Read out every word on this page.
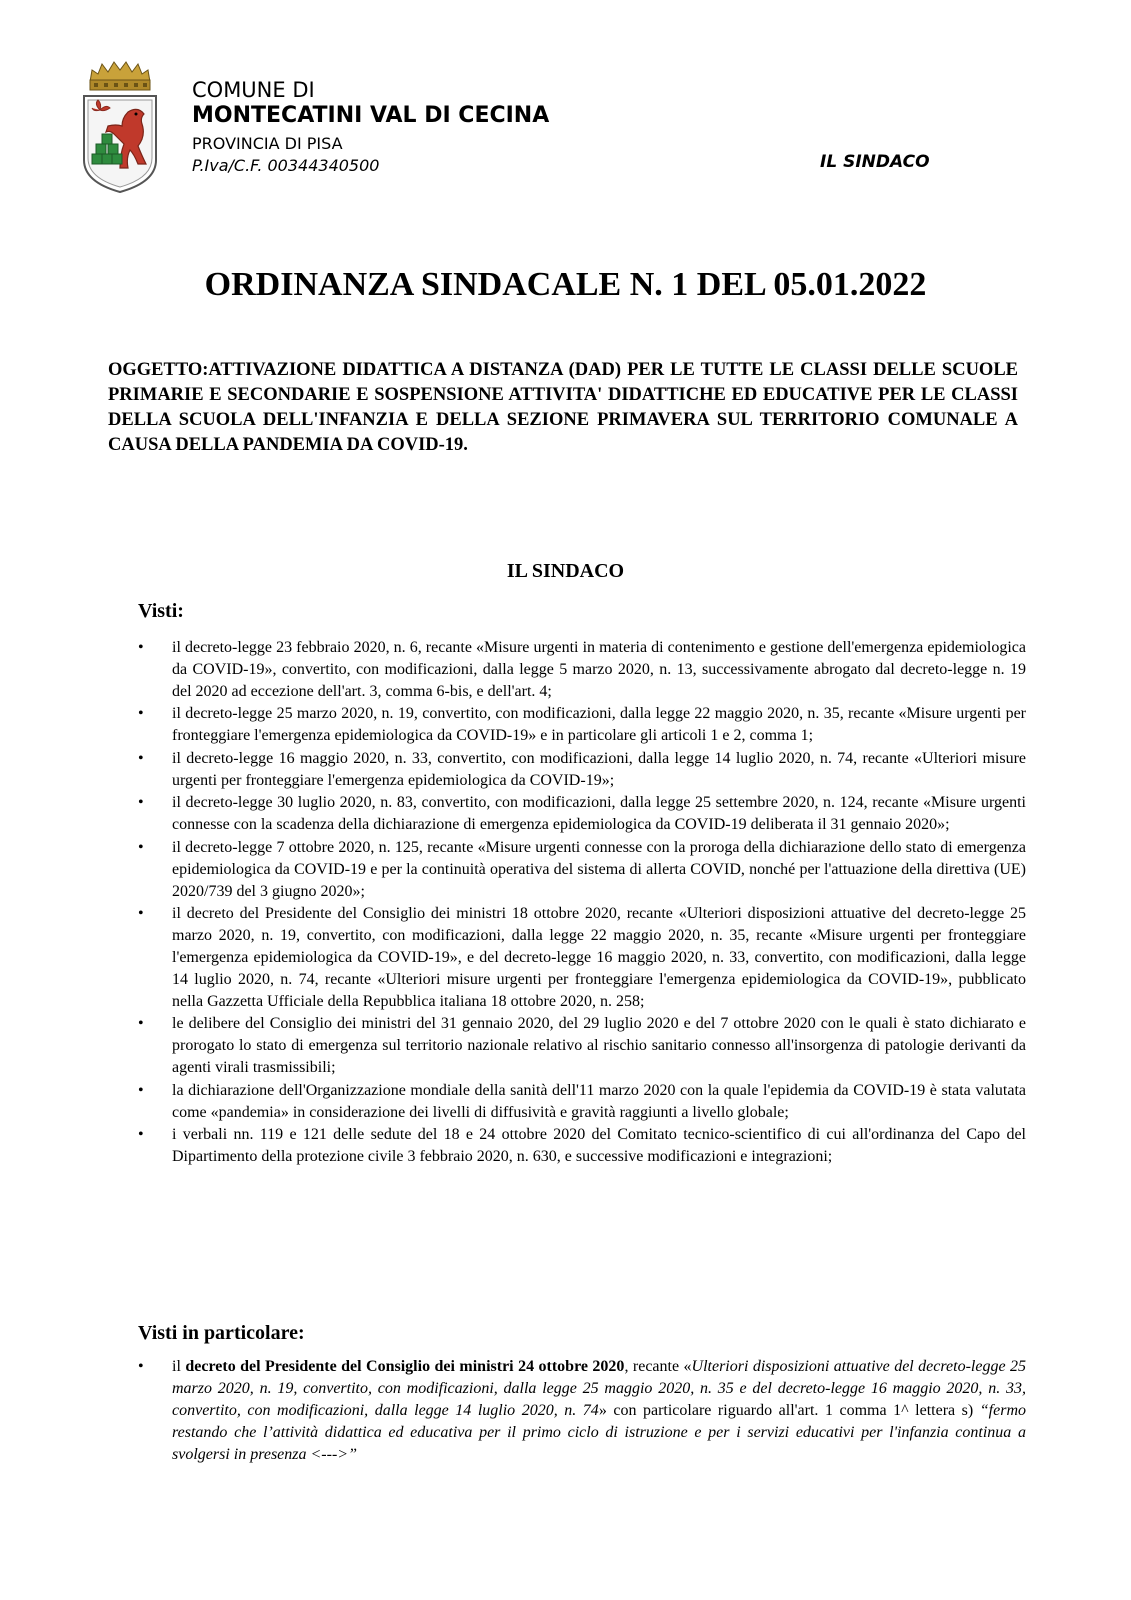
COMUNE DI
MONTECATINI VAL DI CECINA
PROVINCIA DI PISA
P.Iva/C.F. 00344340500	IL SINDACO
ORDINANZA SINDACALE N. 1 DEL 05.01.2022
OGGETTO:ATTIVAZIONE DIDATTICA A DISTANZA (DAD) PER LE TUTTE LE CLASSI DELLE SCUOLE PRIMARIE E SECONDARIE E SOSPENSIONE ATTIVITA' DIDATTICHE ED EDUCATIVE PER LE CLASSI DELLA SCUOLA DELL'INFANZIA E DELLA SEZIONE PRIMAVERA SUL TERRITORIO COMUNALE A CAUSA DELLA PANDEMIA DA COVID-19.
IL SINDACO
Visti:
• il decreto-legge 23 febbraio 2020, n. 6, recante «Misure urgenti in materia di contenimento e gestione dell'emergenza epidemiologica da COVID-19», convertito, con modificazioni, dalla legge 5 marzo 2020, n. 13, successivamente abrogato dal decreto-legge n. 19 del 2020 ad eccezione dell'art. 3, comma 6-bis, e dell'art. 4;
• il decreto-legge 25 marzo 2020, n. 19, convertito, con modificazioni, dalla legge 22 maggio 2020, n. 35, recante «Misure urgenti per fronteggiare l'emergenza epidemiologica da COVID-19» e in particolare gli articoli 1 e 2, comma 1;
• il decreto-legge 16 maggio 2020, n. 33, convertito, con modificazioni, dalla legge 14 luglio 2020, n. 74, recante «Ulteriori misure urgenti per fronteggiare l'emergenza epidemiologica da COVID-19»;
• il decreto-legge 30 luglio 2020, n. 83, convertito, con modificazioni, dalla legge 25 settembre 2020, n. 124, recante «Misure urgenti connesse con la scadenza della dichiarazione di emergenza epidemiologica da COVID-19 deliberata il 31 gennaio 2020»;
• il decreto-legge 7 ottobre 2020, n. 125, recante «Misure urgenti connesse con la proroga della dichiarazione dello stato di emergenza epidemiologica da COVID-19 e per la continuità operativa del sistema di allerta COVID, nonché per l'attuazione della direttiva (UE) 2020/739 del 3 giugno 2020»;
• il decreto del Presidente del Consiglio dei ministri 18 ottobre 2020, recante «Ulteriori disposizioni attuative del decreto-legge 25 marzo 2020, n. 19, convertito, con modificazioni, dalla legge 22 maggio 2020, n. 35, recante «Misure urgenti per fronteggiare l'emergenza epidemiologica da COVID-19», e del decreto-legge 16 maggio 2020, n. 33, convertito, con modificazioni, dalla legge 14 luglio 2020, n. 74, recante «Ulteriori misure urgenti per fronteggiare l'emergenza epidemiologica da COVID-19», pubblicato nella Gazzetta Ufficiale della Repubblica italiana 18 ottobre 2020, n. 258;
• le delibere del Consiglio dei ministri del 31 gennaio 2020, del 29 luglio 2020 e del 7 ottobre 2020 con le quali è stato dichiarato e prorogato lo stato di emergenza sul territorio nazionale relativo al rischio sanitario connesso all'insorgenza di patologie derivanti da agenti virali trasmissibili;
• la dichiarazione dell'Organizzazione mondiale della sanità dell'11 marzo 2020 con la quale l'epidemia da COVID-19 è stata valutata come «pandemia» in considerazione dei livelli di diffusività e gravità raggiunti a livello globale;
• i verbali nn. 119 e 121 delle sedute del 18 e 24 ottobre 2020 del Comitato tecnico-scientifico di cui all'ordinanza del Capo del Dipartimento della protezione civile 3 febbraio 2020, n. 630, e successive modificazioni e integrazioni;
Visti in particolare:
• il decreto del Presidente del Consiglio dei ministri 24 ottobre 2020, recante «Ulteriori disposizioni attuative del decreto-legge 25 marzo 2020, n. 19, convertito, con modificazioni, dalla legge 25 maggio 2020, n. 35 e del decreto-legge 16 maggio 2020, n. 33, convertito, con modificazioni, dalla legge 14 luglio 2020, n. 74» con particolare riguardo all'art. 1 comma 1^ lettera s) “fermo restando che l’attività didattica ed educativa per il primo ciclo di istruzione e per i servizi educativi per l'infanzia continua a svolgersi in presenza <--->”
